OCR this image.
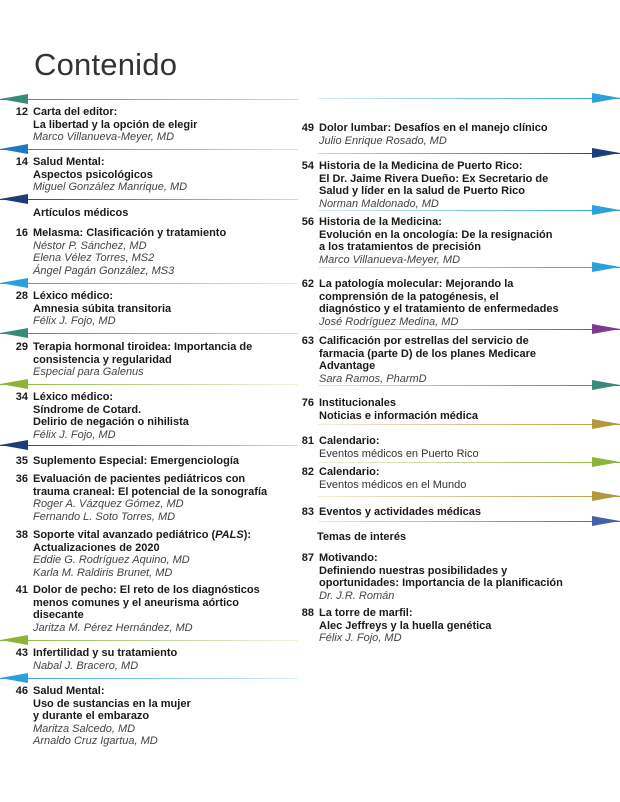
Contenido
12 Carta del editor:
La libertad y la opción de elegir
Marco Villanueva-Meyer, MD
14 Salud Mental:
Aspectos psicológicos
Miguel González Manrique, MD
Artículos médicos
16 Melasma: Clasificación y tratamiento
Néstor P. Sánchez, MD
Elena Vélez Torres, MS2
Ángel Pagán González, MS3
28 Léxico médico:
Amnesia súbita transitoria
Félix J. Fojo, MD
29 Terapia hormonal tiroidea: Importancia de
consistencia y regularidad
Especial para Galenus
34 Léxico médico:
Síndrome de Cotard.
Delirio de negación o nihilista
Félix J. Fojo, MD
35 Suplemento Especial: Emergenciología
36 Evaluación de pacientes pediátricos con
trauma craneal: El potencial de la sonografía
Roger A. Vázquez Gómez, MD
Fernando L. Soto Torres, MD
38 Soporte vital avanzado pediátrico (PALS):
Actualizaciones de 2020
Eddie G. Rodríguez Aquino, MD
Karla M. Raldiris Brunet, MD
41 Dolor de pecho: El reto de los diagnósticos
menos comunes y el aneurisma aórtico
disecante
Jaritza M. Pérez Hernández, MD
43 Infertilidad y su tratamiento
Nabal J. Bracero, MD
46 Salud Mental:
Uso de sustancias en la mujer
y durante el embarazo
Maritza Salcedo, MD
Arnaldo Cruz Igartua, MD
49 Dolor lumbar: Desafíos en el manejo clínico
Julio Enrique Rosado, MD
54 Historia de la Medicina de Puerto Rico:
El Dr. Jaime Rivera Dueño: Ex Secretario de
Salud y líder en la salud de Puerto Rico
Norman Maldonado, MD
56 Historia de la Medicina:
Evolución en la oncología: De la resignación
a los tratamientos de precisión
Marco Villanueva-Meyer, MD
62 La patología molecular: Mejorando la
comprensión de la patogénesis, el
diagnóstico y el tratamiento de enfermedades
José Rodríguez Medina, MD
63 Calificación por estrellas del servicio de
farmacia (parte D) de los planes Medicare
Advantage
Sara Ramos, PharmD
76 Institucionales
Noticias e información médica
81 Calendario:
Eventos médicos en Puerto Rico
82 Calendario:
Eventos médicos en el Mundo
83 Eventos y actividades médicas
Temas de interés
87 Motivando:
Definiendo nuestras posibilidades y
oportunidades: Importancia de la planificación
Dr. J.R. Román
88 La torre de marfil:
Alec Jeffreys y la huella genética
Félix J. Fojo, MD
